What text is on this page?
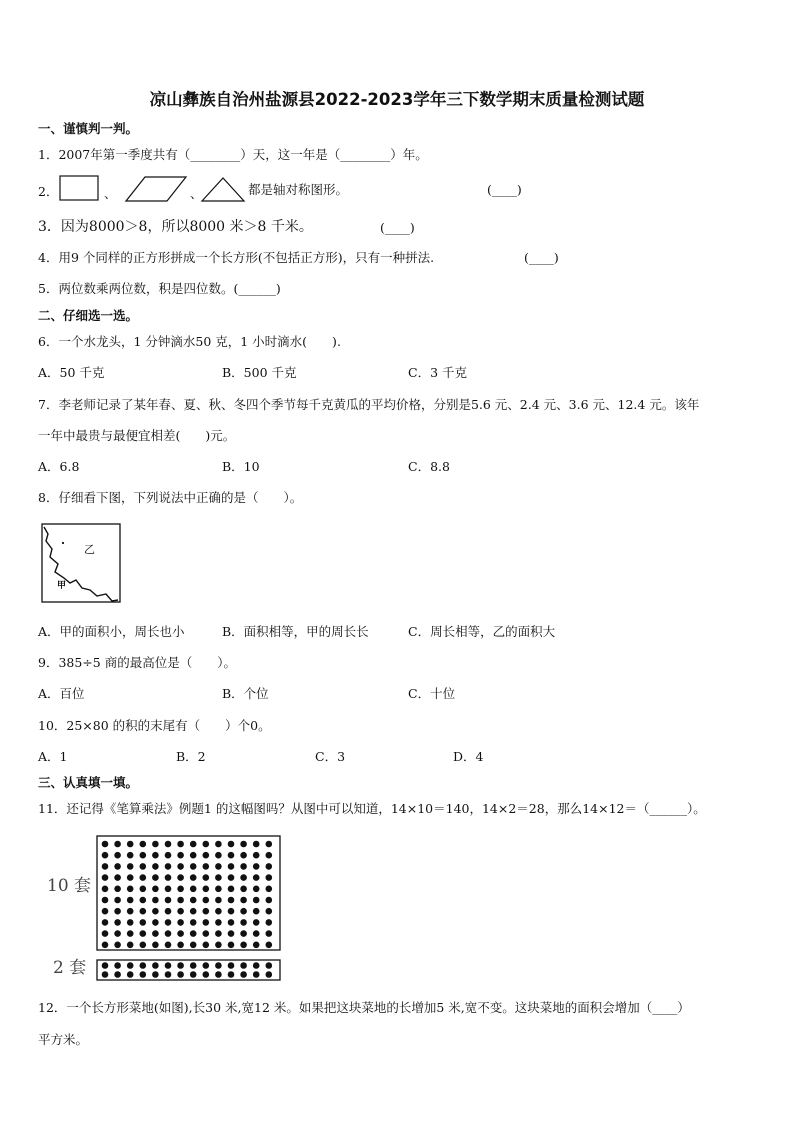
凉山彝族自治州盐源县2022-2023学年三下数学期末质量检测试题
一、谨慎判一判。
1．2007年第一季度共有（________）天，这一年是（________）年。
2．	、	、	都是轴对称图形。	(____)
3．因为8000＞8，所以8000 米＞8 千米。	(____)
4．用9 个同样的正方形拼成一个长方形(不包括正方形)，只有一种拼法.	(____)
5．两位数乘两位数，积是四位数。(______)
二、仔细选一选。
6．一个水龙头，1 分钟滴水50 克，1 小时滴水(　　).
A．50 千克	B．500 千克	C．3 千克
7．李老师记录了某年春、夏、秋、冬四个季节每千克黄瓜的平均价格，分别是5.6 元、2.4 元、3.6 元、12.4 元。该年
一年中最贵与最便宜相差(　　)元。
A．6.8	B．10	C．8.8
8．仔细看下图，下列说法中正确的是（　　）。
乙
甲
A．甲的面积小，周长也小	B．面积相等，甲的周长长	C．周长相等，乙的面积大
9．385÷5 商的最高位是（　　）。
A．百位	B．个位	C．十位
10．25×80 的积的末尾有（　　）个0。
A．1	B．2	C．3	D．4
三、认真填一填。
11．还记得《笔算乘法》例题1 的这幅图吗？从图中可以知道，14×10＝140，14×2＝28，那么14×12＝（______）。
10 套
2 套
12．一个长方形菜地(如图),长30 米,宽12 米。如果把这块菜地的长增加5 米,宽不变。这块菜地的面积会增加（____）
平方米。
